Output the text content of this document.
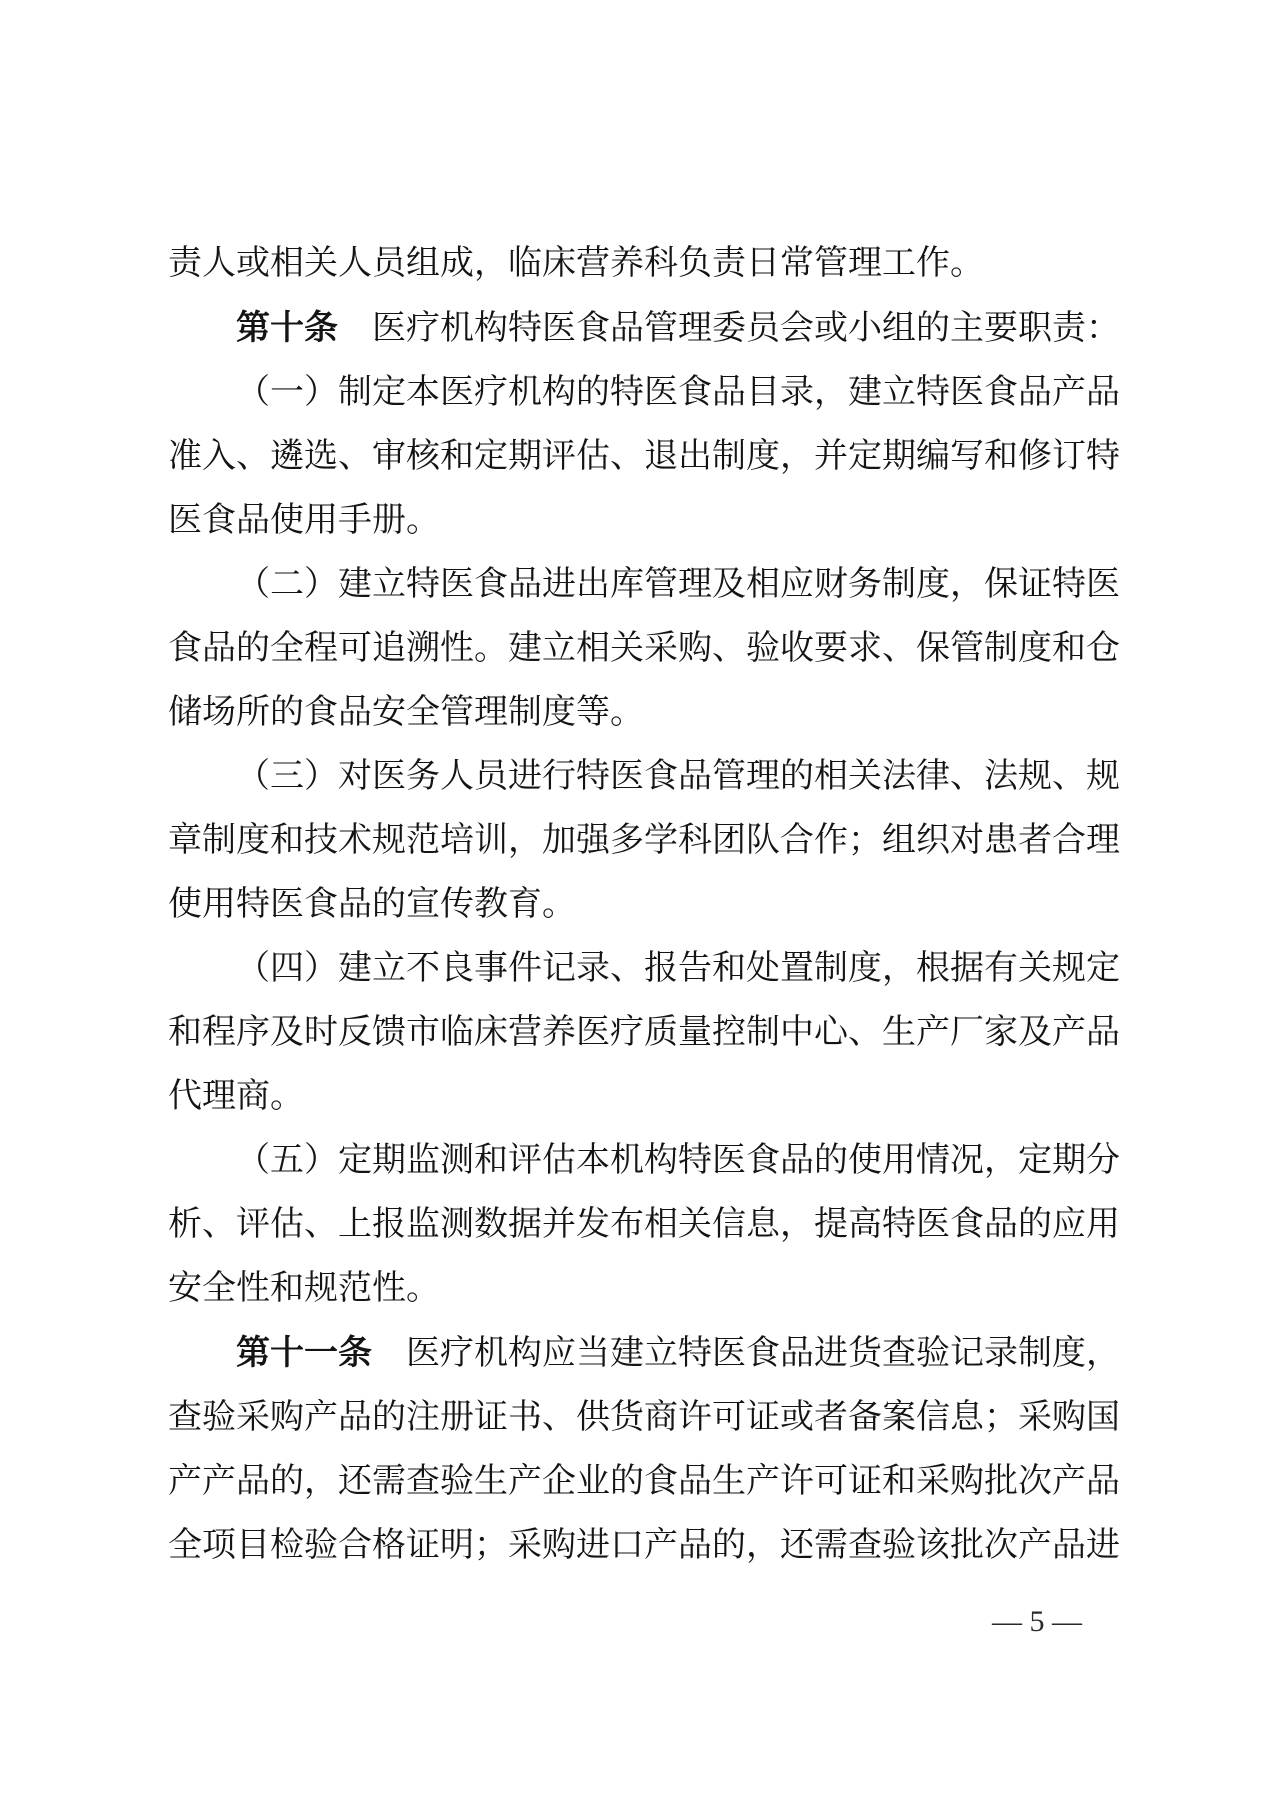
责人或相关人员组成，临床营养科负责日常管理工作。

第十条　医疗机构特医食品管理委员会或小组的主要职责：

（一）制定本医疗机构的特医食品目录，建立特医食品产品准入、遴选、审核和定期评估、退出制度，并定期编写和修订特医食品使用手册。

（二）建立特医食品进出库管理及相应财务制度，保证特医食品的全程可追溯性。建立相关采购、验收要求、保管制度和仓储场所的食品安全管理制度等。

（三）对医务人员进行特医食品管理的相关法律、法规、规章制度和技术规范培训，加强多学科团队合作；组织对患者合理使用特医食品的宣传教育。

（四）建立不良事件记录、报告和处置制度，根据有关规定和程序及时反馈市临床营养医疗质量控制中心、生产厂家及产品代理商。

（五）定期监测和评估本机构特医食品的使用情况，定期分析、评估、上报监测数据并发布相关信息，提高特医食品的应用安全性和规范性。

第十一条　医疗机构应当建立特医食品进货查验记录制度，查验采购产品的注册证书、供货商许可证或者备案信息；采购国产产品的，还需查验生产企业的食品生产许可证和采购批次产品全项目检验合格证明；采购进口产品的，还需查验该批次产品进

— 5 —
